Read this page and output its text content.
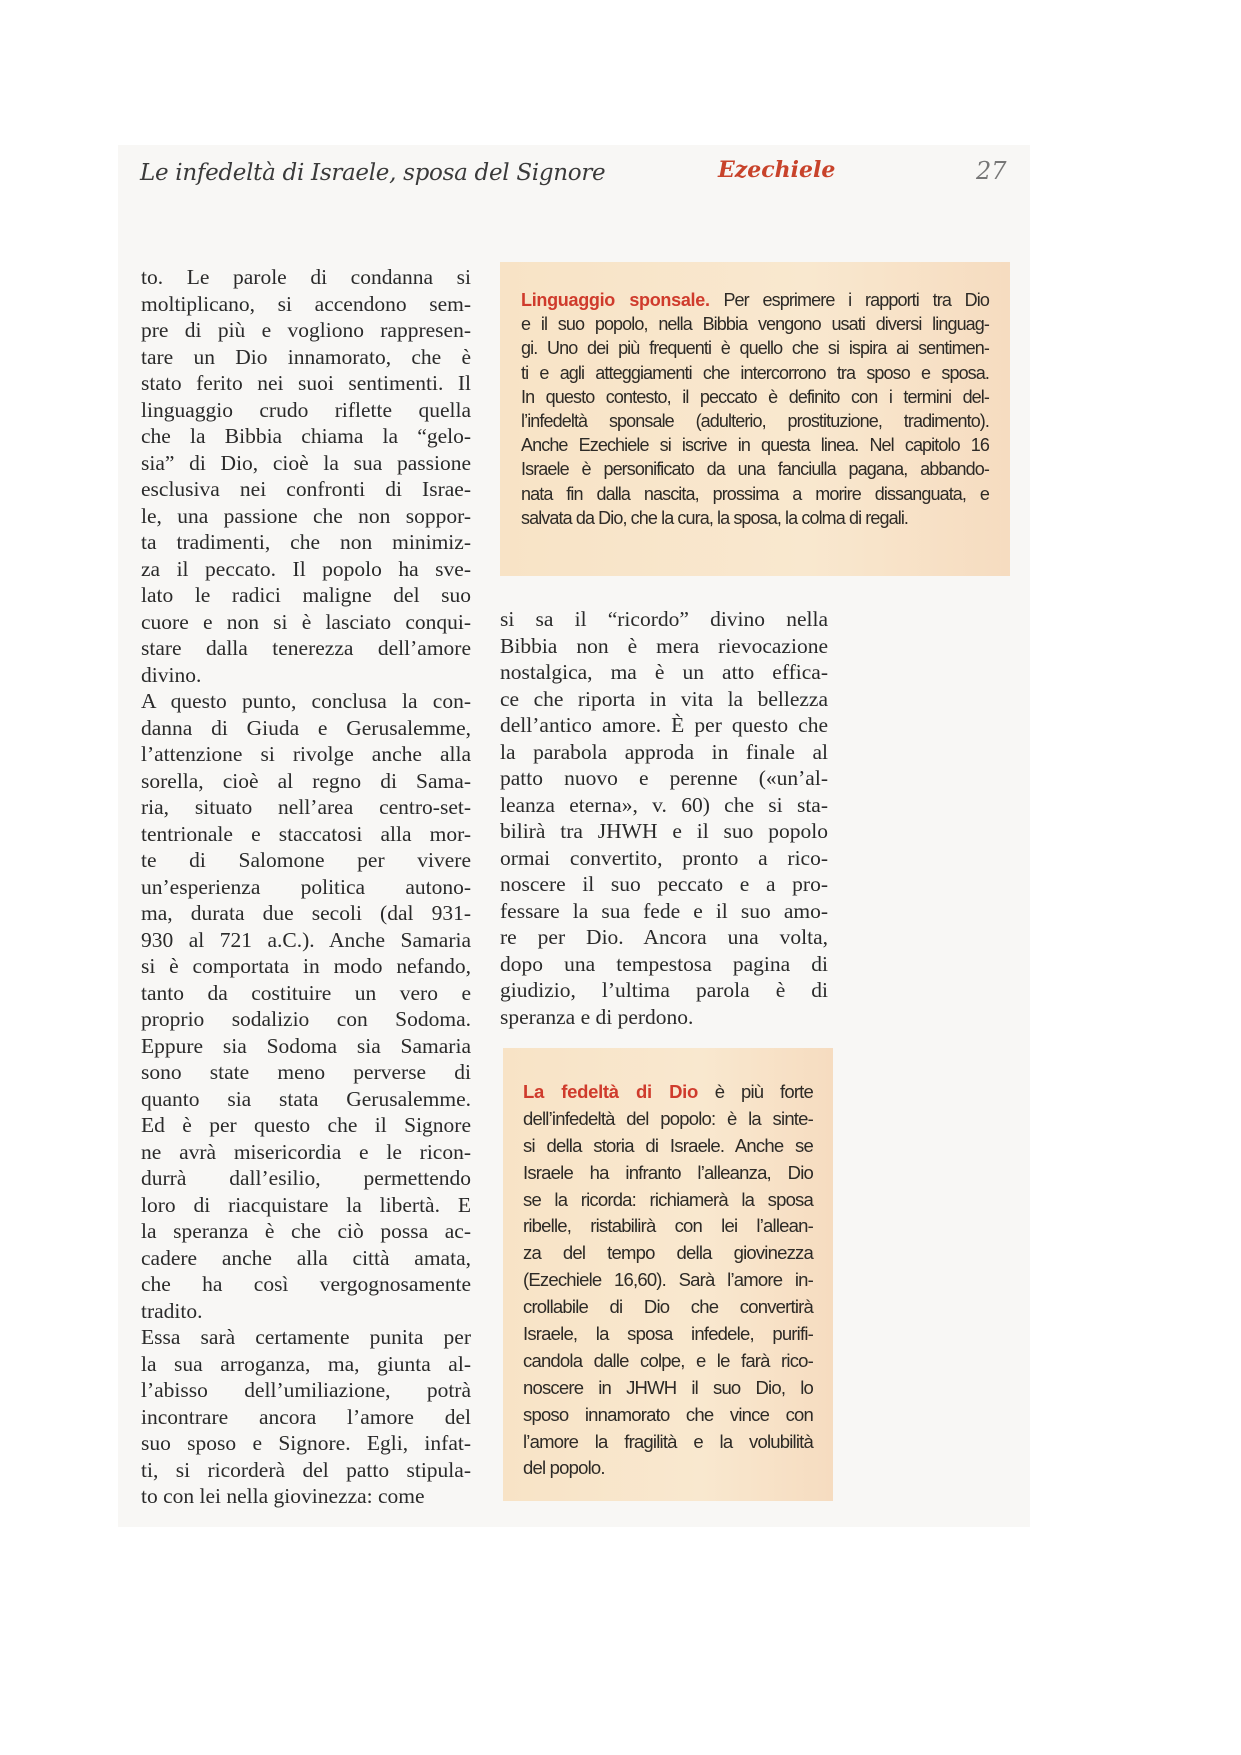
Le infedeltà di Israele, sposa del Signore	Ezechiele	27
to. Le parole di condanna si
moltiplicano, si accendono sem-
pre di più e vogliono rappresen-
tare un Dio innamorato, che è
stato ferito nei suoi sentimenti. Il
linguaggio crudo riflette quella
che la Bibbia chiama la “gelo-
sia” di Dio, cioè la sua passione
esclusiva nei confronti di Israe-
le, una passione che non soppor-
ta tradimenti, che non minimiz-
za il peccato. Il popolo ha sve-
lato le radici maligne del suo
cuore e non si è lasciato conqui-
stare dalla tenerezza dell’amore
divino.
A questo punto, conclusa la con-
danna di Giuda e Gerusalemme,
l’attenzione si rivolge anche alla
sorella, cioè al regno di Sama-
ria, situato nell’area centro-set-
tentrionale e staccatosi alla mor-
te di Salomone per vivere
un’esperienza politica autono-
ma, durata due secoli (dal 931-
930 al 721 a.C.). Anche Samaria
si è comportata in modo nefando,
tanto da costituire un vero e
proprio sodalizio con Sodoma.
Eppure sia Sodoma sia Samaria
sono state meno perverse di
quanto sia stata Gerusalemme.
Ed è per questo che il Signore
ne avrà misericordia e le ricon-
durrà dall’esilio, permettendo
loro di riacquistare la libertà. E
la speranza è che ciò possa ac-
cadere anche alla città amata,
che ha così vergognosamente
tradito.
Essa sarà certamente punita per
la sua arroganza, ma, giunta al-
l’abisso dell’umiliazione, potrà
incontrare ancora l’amore del
suo sposo e Signore. Egli, infat-
ti, si ricorderà del patto stipula-
to con lei nella giovinezza: come
Linguaggio sponsale. Per esprimere i rapporti tra Dio
e il suo popolo, nella Bibbia vengono usati diversi linguag-
gi. Uno dei più frequenti è quello che si ispira ai sentimen-
ti e agli atteggiamenti che intercorrono tra sposo e sposa.
In questo contesto, il peccato è definito con i termini del-
l’infedeltà sponsale (adulterio, prostituzione, tradimento).
Anche Ezechiele si iscrive in questa linea. Nel capitolo 16
Israele è personificato da una fanciulla pagana, abbando-
nata fin dalla nascita, prossima a morire dissanguata, e
salvata da Dio, che la cura, la sposa, la colma di regali.
si sa il “ricordo” divino nella
Bibbia non è mera rievocazione
nostalgica, ma è un atto effica-
ce che riporta in vita la bellezza
dell’antico amore. È per questo che
la parabola approda in finale al
patto nuovo e perenne («un’al-
leanza eterna», v. 60) che si sta-
bilirà tra JHWH e il suo popolo
ormai convertito, pronto a rico-
noscere il suo peccato e a pro-
fessare la sua fede e il suo amo-
re per Dio. Ancora una volta,
dopo una tempestosa pagina di
giudizio, l’ultima parola è di
speranza e di perdono.
La fedeltà di Dio è più forte
dell’infedeltà del popolo: è la sinte-
si della storia di Israele. Anche se
Israele ha infranto l’alleanza, Dio
se la ricorda: richiamerà la sposa
ribelle, ristabilirà con lei l’allean-
za del tempo della giovinezza
(Ezechiele 16,60). Sarà l’amore in-
crollabile di Dio che convertirà
Israele, la sposa infedele, purifi-
candola dalle colpe, e le farà rico-
noscere in JHWH il suo Dio, lo
sposo innamorato che vince con
l’amore la fragilità e la volubilità
del popolo.
